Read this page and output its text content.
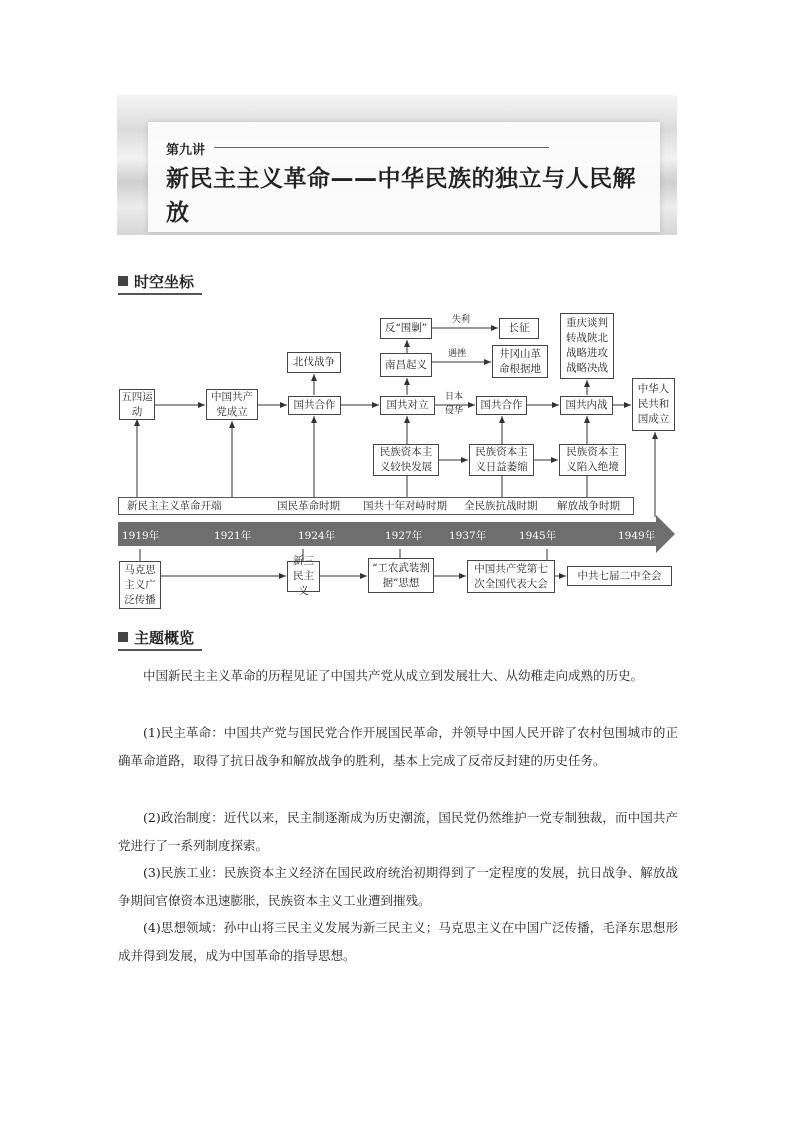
第九讲
新民主主义革命——中华民族的独立与人民解放
时空坐标
五四运动
中国共产党成立
国共合作
北伐战争
国共对立
南昌起义
反“围剿”	长征
井冈山革命根据地
国共合作	国共内战
重庆谈判转战陕北战略进攻战略决战
中华人民共和国成立
民族资本主义较快发展
民族资本主义日益萎缩
民族资本主义陷入绝境
失利
遇挫
日本侵华
新民主主义革命开端	国民革命时期 国共十年对峙时期 全民族抗战时期 解放战争时期
1919年	1921年	1924年	1927年	1937年	1945年	1949年
马克思主义广泛传播
新三民主义
“工农武装割据”思想
中国共产党第七次全国代表大会
中共七届二中全会
主题概览
中国新民主主义革命的历程见证了中国共产党从成立到发展壮大、从幼稚走向成熟的历史。
(1)民主革命：中国共产党与国民党合作开展国民革命，并领导中国人民开辟了农村包围城市的正确革命道路，取得了抗日战争和解放战争的胜利，基本上完成了反帝反封建的历史任务。
(2)政治制度：近代以来，民主制逐渐成为历史潮流，国民党仍然维护一党专制独裁，而中国共产党进行了一系列制度探索。
(3)民族工业：民族资本主义经济在国民政府统治初期得到了一定程度的发展，抗日战争、解放战争期间官僚资本迅速膨胀，民族资本主义工业遭到摧残。
(4)思想领域：孙中山将三民主义发展为新三民主义；马克思主义在中国广泛传播，毛泽东思想形成并得到发展，成为中国革命的指导思想。
